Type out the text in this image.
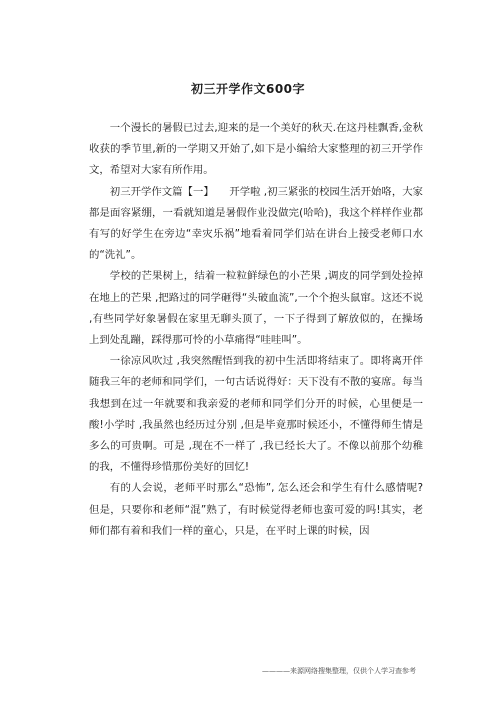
初三开学作文600字

一个漫长的暑假已过去,迎来的是一个美好的秋天.在这丹桂飘香,金秋收获的季节里,新的一学期又开始了,如下是小编给大家整理的初三开学作文，希望对大家有所作用。

初三开学作文篇【一】　　开学啦 ,初三紧张的校园生活开始咯，大家都是面容紧绷，一看就知道是暑假作业没做完(哈哈)，我这个样样作业都有写的好学生在旁边“幸灾乐祸”地看着同学们站在讲台上接受老师口水的“洗礼”。

学校的芒果树上，结着一粒粒鲜绿色的小芒果 ,调皮的同学到处捡掉在地上的芒果 ,把路过的同学砸得“头破血流”,一个个抱头鼠窜。这还不说 ,有些同学好象暑假在家里无聊头顶了，一下子得到了解放似的，在操场上到处乱蹦，踩得那可怜的小草痛得“哇哇叫”。

一徐凉风吹过 ,我突然醒悟到我的初中生活即将结束了。即将离开伴随我三年的老师和同学们，一句古话说得好：天下没有不散的宴席。每当我想到在过一年就要和我亲爱的老师和同学们分开的时候，心里便是一酸!小学时 ,我虽然也经历过分别 ,但是毕竟那时候还小，不懂得师生情是多么的可贵啊。可是 ,现在不一样了 ,我已经长大了。不像以前那个幼稚的我，不懂得珍惜那份美好的回忆!

有的人会说，老师平时那么“恐怖”, 怎么还会和学生有什么感情呢?但是，只要你和老师“混”熟了，有时候觉得老师也蛮可爱的吗!其实，老师们都有着和我们一样的童心，只是，在平时上课的时候，因

————来源网络搜集整理，仅供个人学习查参考
